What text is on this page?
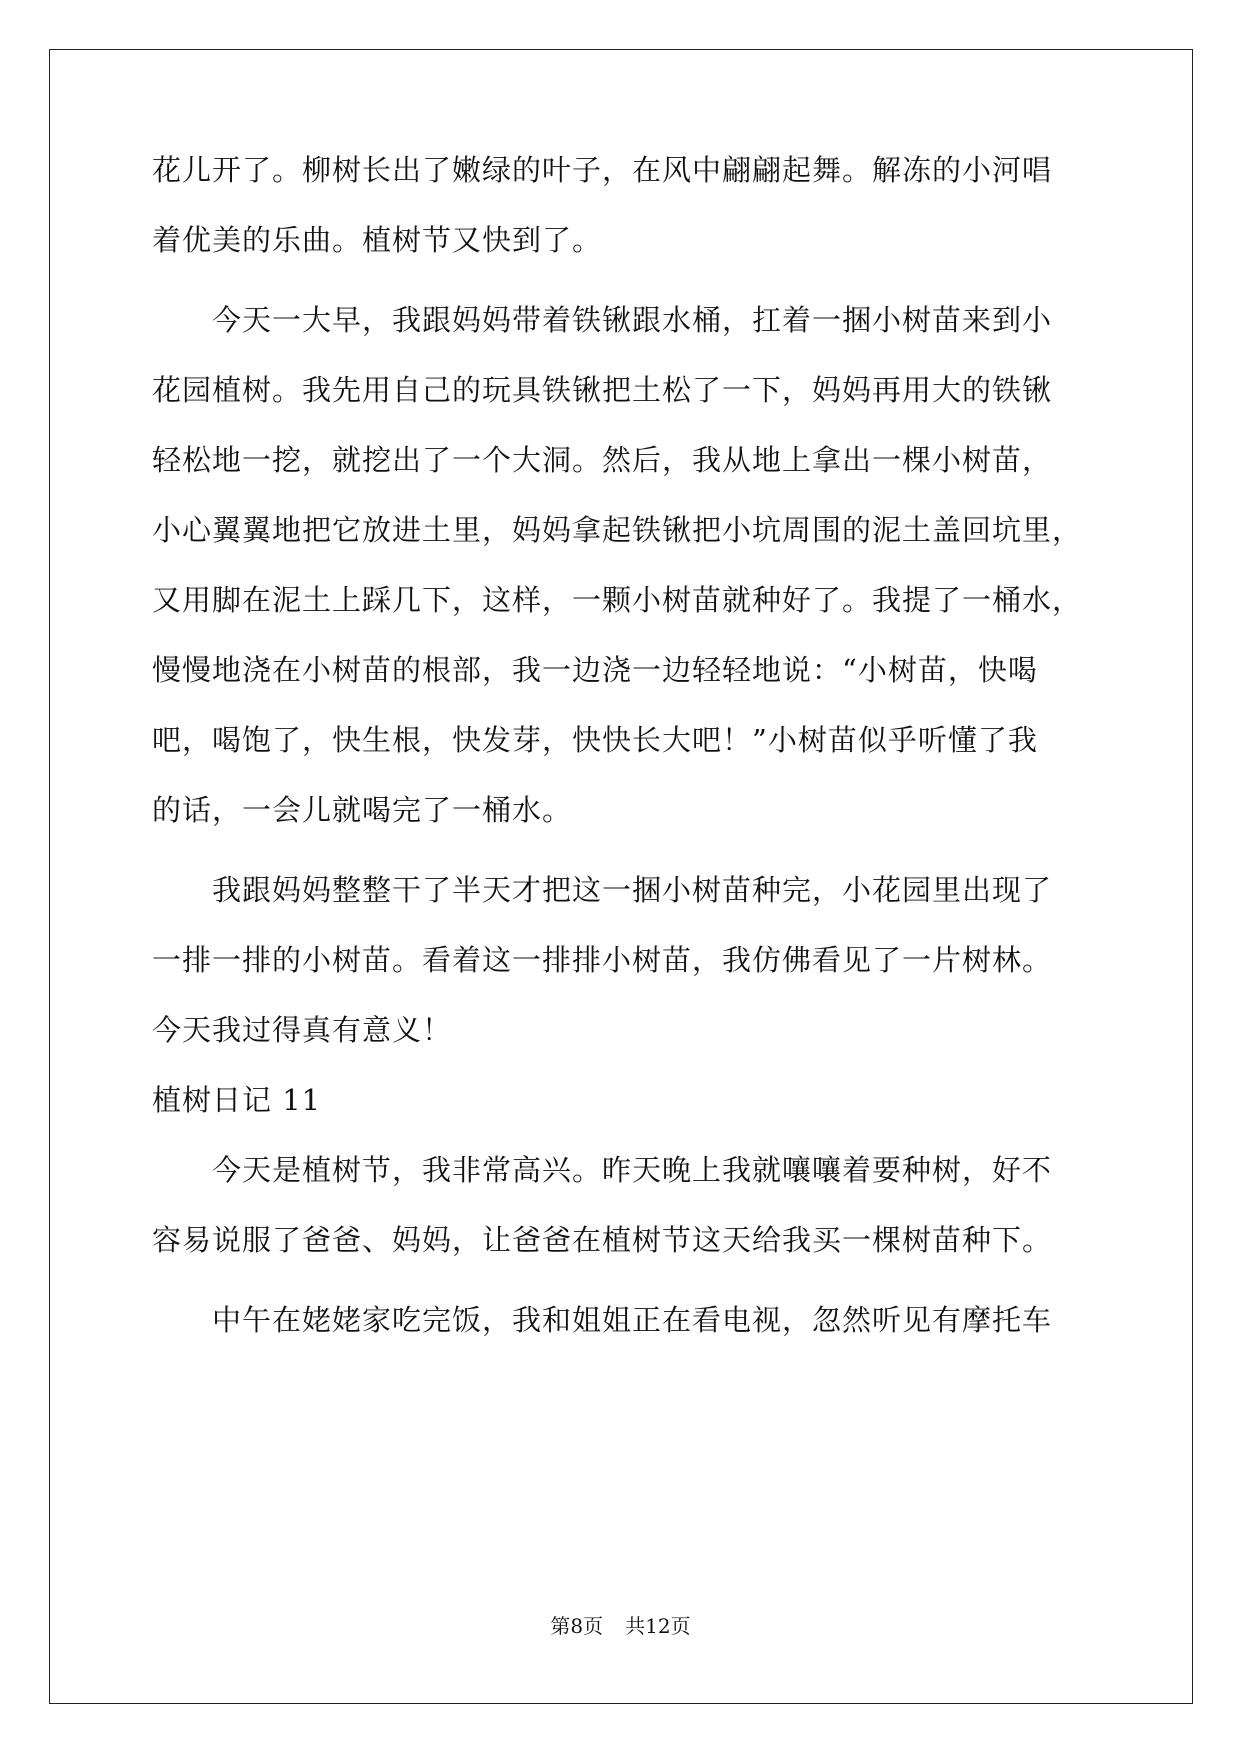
花儿开了。柳树长出了嫩绿的叶子，在风中翩翩起舞。解冻的小河唱
着优美的乐曲。植树节又快到了。
今天一大早，我跟妈妈带着铁锹跟水桶，扛着一捆小树苗来到小
花园植树。我先用自己的玩具铁锹把土松了一下，妈妈再用大的铁锹
轻松地一挖，就挖出了一个大洞。然后，我从地上拿出一棵小树苗，
小心翼翼地把它放进土里，妈妈拿起铁锹把小坑周围的泥土盖回坑里，
又用脚在泥土上踩几下，这样，一颗小树苗就种好了。我提了一桶水，
慢慢地浇在小树苗的根部，我一边浇一边轻轻地说：“小树苗，快喝
吧，喝饱了，快生根，快发芽，快快长大吧！”小树苗似乎听懂了我
的话，一会儿就喝完了一桶水。
我跟妈妈整整干了半天才把这一捆小树苗种完，小花园里出现了
一排一排的小树苗。看着这一排排小树苗，我仿佛看见了一片树林。
今天我过得真有意义！
植树日记 11
今天是植树节，我非常高兴。昨天晚上我就嚷嚷着要种树，好不
容易说服了爸爸、妈妈，让爸爸在植树节这天给我买一棵树苗种下。
中午在姥姥家吃完饭，我和姐姐正在看电视，忽然听见有摩托车
第8页 共12页
